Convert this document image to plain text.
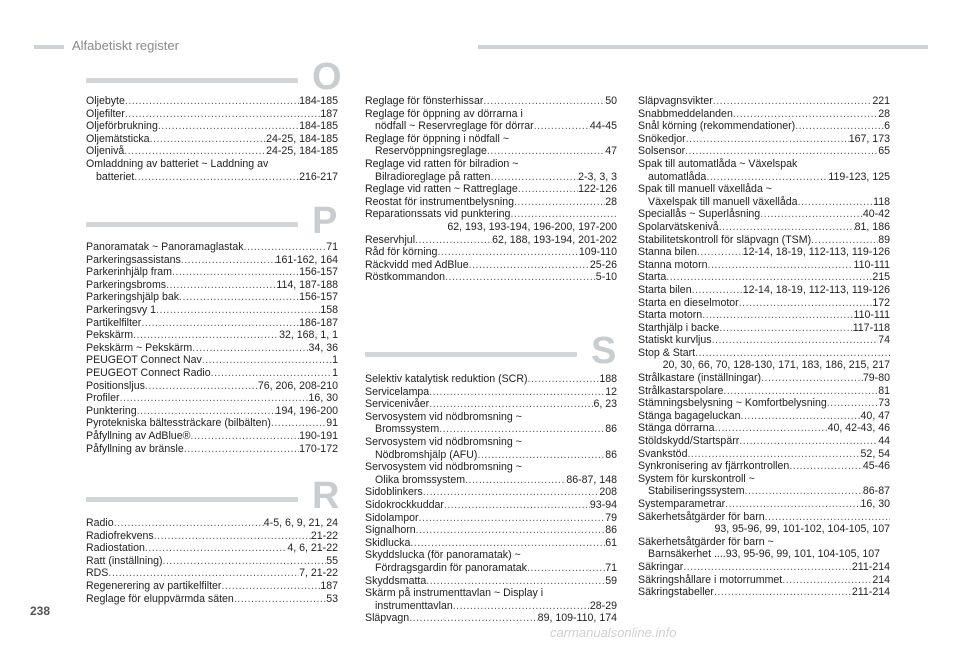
Alfabetiskt register
O
Oljebyte .....	184-185
Oljefilter .....	187
Oljeförbrukning .....	184-185
Oljemätsticka .....	24-25, 184-185
Oljenivå .....	24-25, 184-185
Omladdning av batteriet ~ Laddning av
batteriet .....	216-217
P
Panoramatak ~ Panoramaglastak .....	71
Parkeringsassistans .....	161-162, 164
Parkerinhjälp fram .....	156-157
Parkeringsbroms .....	114, 187-188
Parkeringshjälp bak .....	156-157
Parkeringsvy 1 .....	158
Partikelfilter .....	186-187
Pekskärm .....	32, 168, 1, 1
Pekskärm ~ Pekskärm .....	34, 36
PEUGEOT Connect Nav .....	1
PEUGEOT Connect Radio .....	1
Positionsljus .....	76, 206, 208-210
Profiler .....	16, 30
Punktering .....	194, 196-200
Pyrotekniska bältessträckare (bilbälten) .....	91
Påfyllning av AdBlue® .....	190-191
Påfyllning av bränsle .....	170-172
R
Radio .....	4-5, 6, 9, 21, 24
Radiofrekvens .....	21-22
Radiostation .....	4, 6, 21-22
Ratt (inställning) .....	55
RDS .....	7, 21-22
Regenerering av partikelfilter .....	187
Reglage för eluppvärmda säten .....	53
Reglage för fönsterhissar .....	50
Reglage för öppning av dörrarna i
nödfall ~ Reservreglage för dörrar .....	44-45
Reglage för öppning i nödfall ~
Reservöppningsreglage .....	47
Reglage vid ratten för bilradion ~
Bilradioreglage på ratten .....	2-3, 3, 3
Reglage vid ratten ~ Rattreglage .....	122-126
Reostat för instrumentbelysning .....	28
Reparationssats vid punktering
.....
62, 193, 193-194, 196-200, 197-200
Reservhjul .....	62, 188, 193-194, 201-202
Råd för körning .....	109-110
Räckvidd med AdBlue .....	25-26
Röstkommandon .....	5-10
S
Selektiv katalytisk reduktion (SCR) .....	188
Servicelampa .....	12
Servicenivåer .....	6, 23
Servosystem vid nödbromsning ~
Bromssystem .....	86
Servosystem vid nödbromsning ~
Nödbromshjälp (AFU) .....	86
Servosystem vid nödbromsning ~
Olika bromssystem .....	86-87, 148
Sidoblinkers .....	208
Sidokrockkuddar .....	93-94
Sidolampor .....	79
Signalhorn .....	86
Skidlucka .....	61
Skyddslucka (för panoramatak) ~
Fördragsgardin för panoramatak .....	71
Skyddsmatta .....	59
Skärm på instrumenttavlan ~ Display i
instrumenttavlan .....	28-29
Släpvagn .....	89, 109-110, 174
Släpvagnsvikter .....	221
Snabbmeddelanden .....	28
Snål körning (rekommendationer) .....	6
Snökedjor .....	167, 173
Solsensor .....	65
Spak till automatlåda ~ Växelspak
automatlåda .....	119-123, 125
Spak till manuell växellåda ~
Växelspak till manuell växellåda .....	118
Speciallås ~ Superlåsning .....	40-42
Spolarvätskenivå .....	81, 186
Stabilitetskontroll för släpvagn (TSM) .....	89
Stanna bilen .....	12-14, 18-19, 112-113, 119-126
Stanna motorn .....	110-111
Starta .....	215
Starta bilen .....	12-14, 18-19, 112-113, 119-126
Starta en dieselmotor .....	172
Starta motorn .....	110-111
Starthjälp i backe .....	117-118
Statiskt kurvljus .....	74
Stop & Start
.....
20, 30, 66, 70, 128-130, 171, 183, 186, 215, 217
Strålkastare (inställningar) .....	79-80
Strålkastarspolare .....	81
Stämningsbelysning ~ Komfortbelysning .....	73
Stänga bagageluckan .....	40, 47
Stänga dörrarna .....	40, 42-43, 46
Stöldskydd/Startspärr .....	44
Svankstöd .....	52, 54
Synkronisering av fjärrkontrollen .....	45-46
System för kurskontroll ~
Stabiliseringssystem .....	86-87
Systemparametrar .....	16, 30
Säkerhetsåtgärder för barn
.....
93, 95-96, 99, 101-102, 104-105, 107
Säkerhetsåtgärder för barn ~
Barnsäkerhet ....93, 95-96, 99, 101, 104-105, 107
Säkringar .....	211-214
Säkringshållare i motorrummet .....	214
Säkringstabeller .....	211-214
238
carmanualsonline.info
